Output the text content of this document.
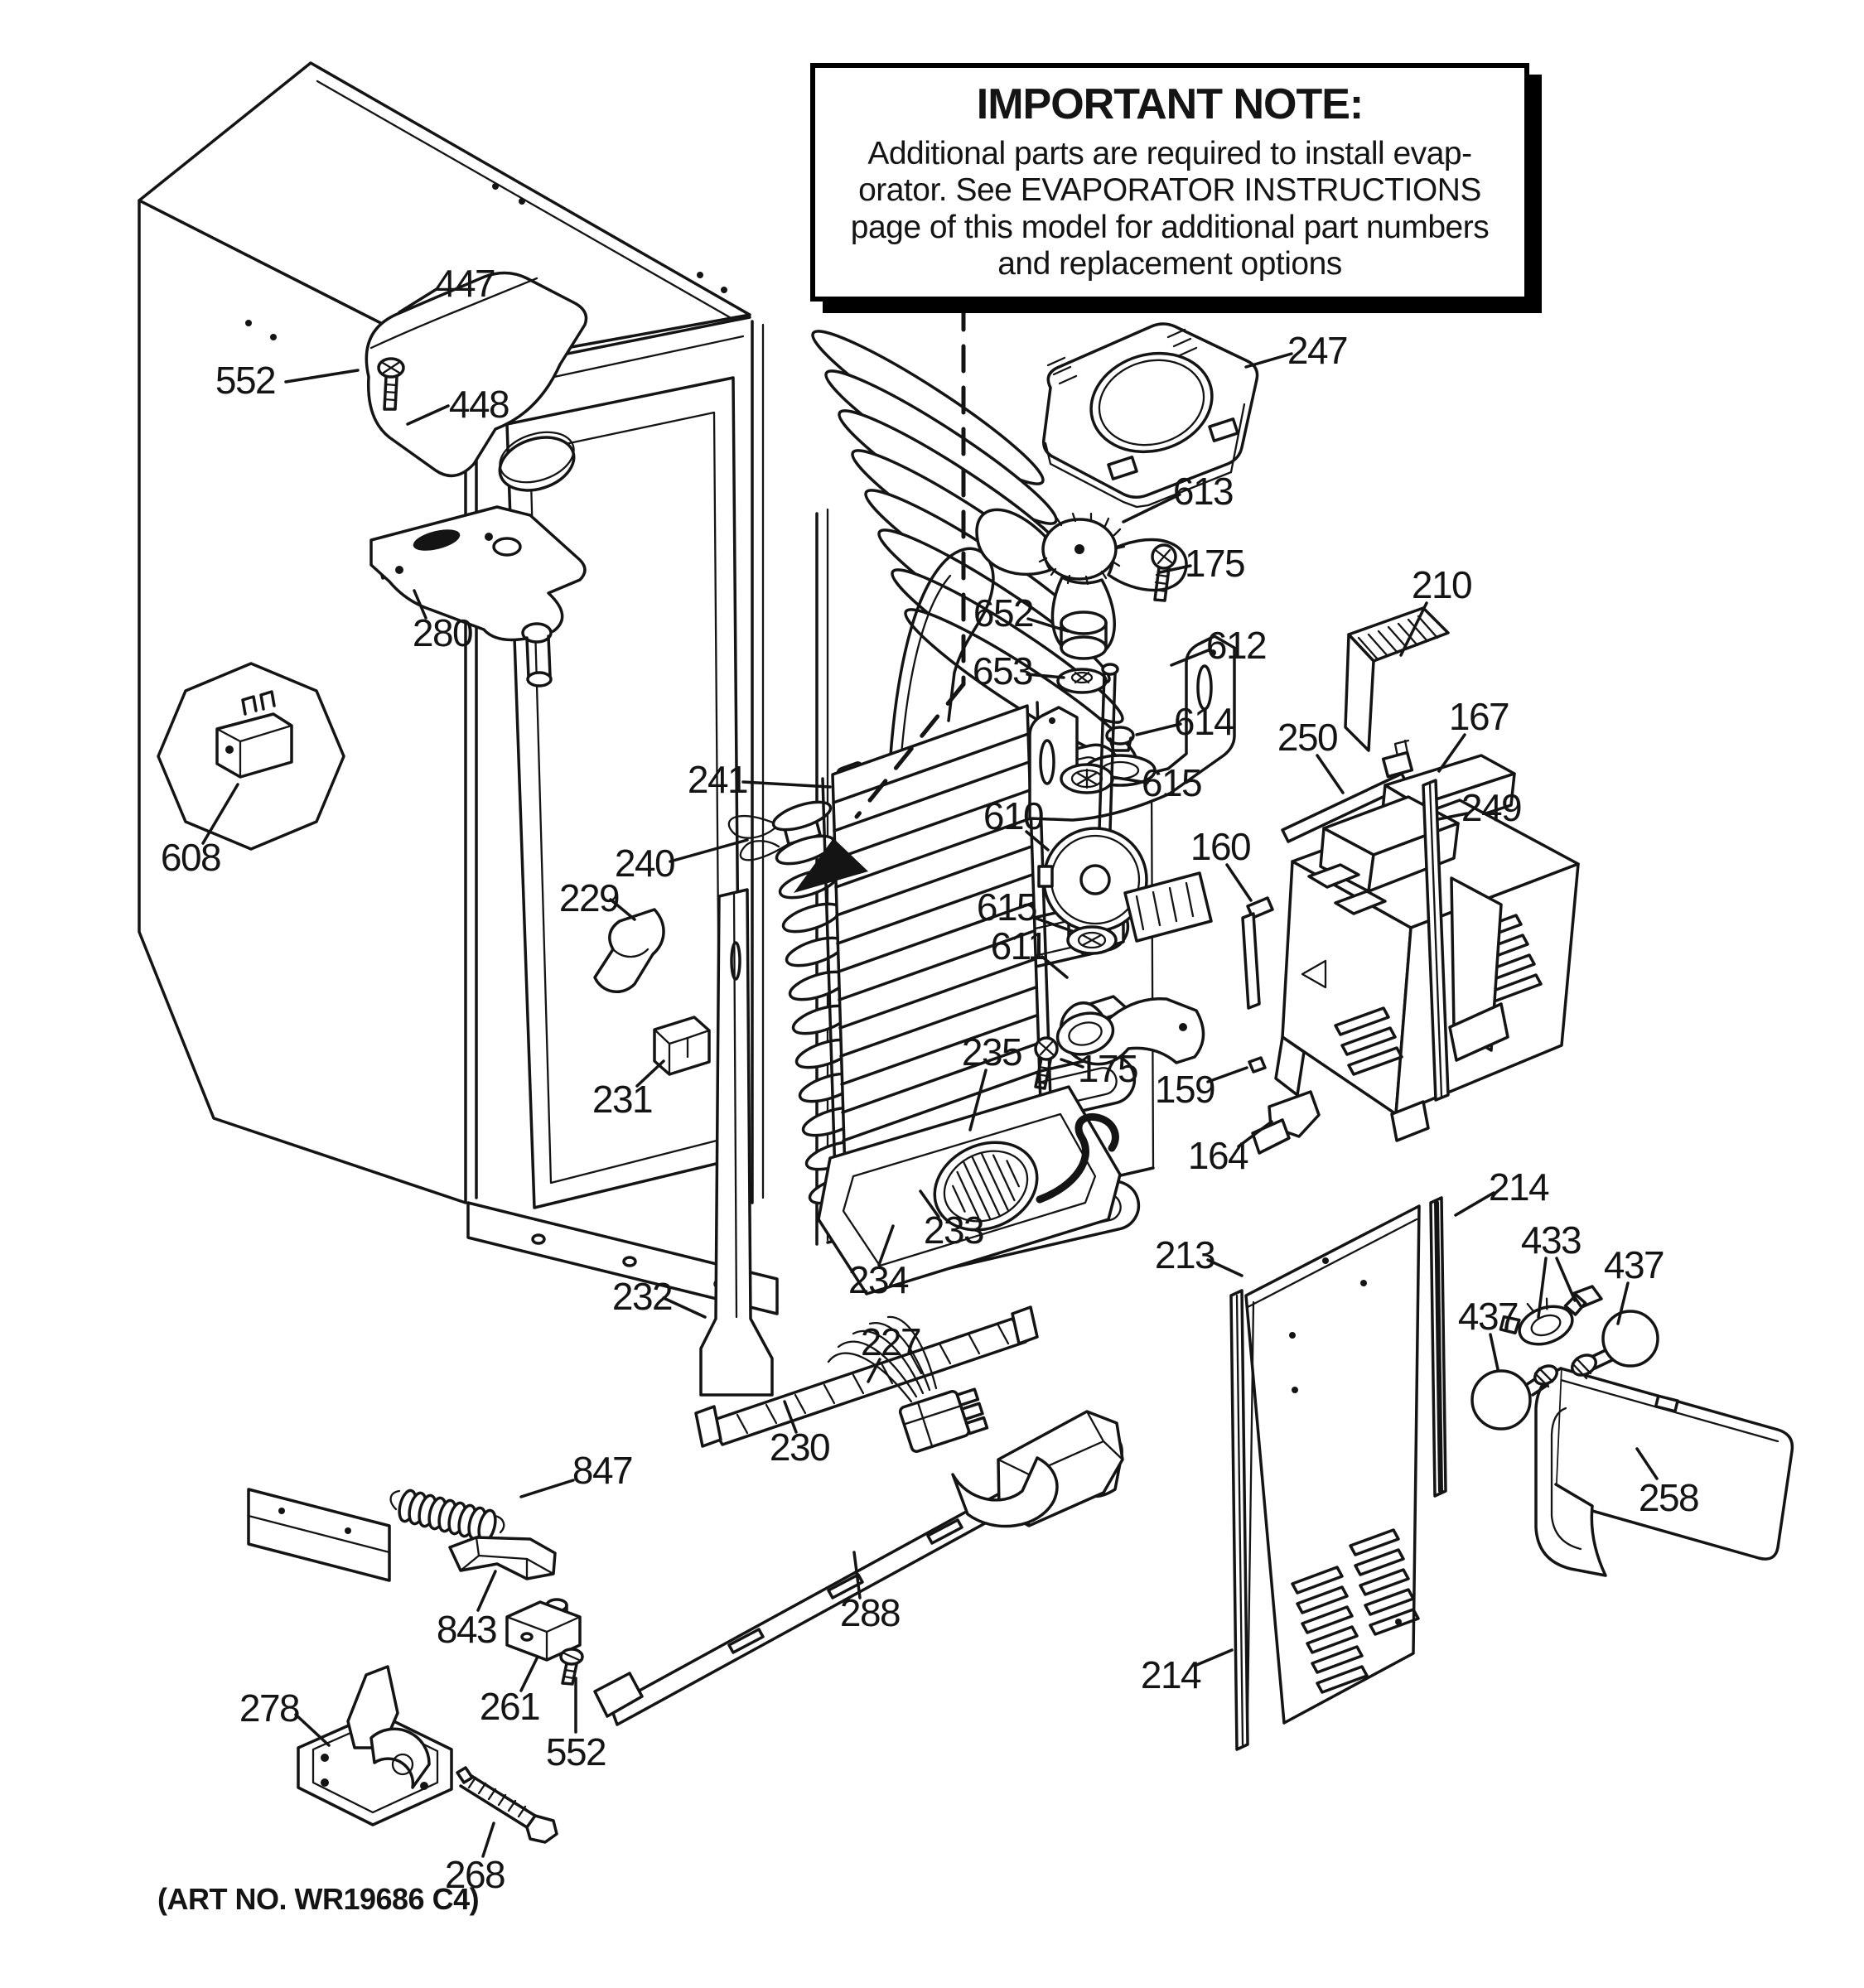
447
552
448
280
608
241
240
229
231
232
235
234
233
230
227
288
847
843
261
552
278
268
247
613
175
652
653
612
614
615
610
615
611
175
210
250	167
249
160
159
164
213
214
214
433
437
437
258
IMPORTANT NOTE:
Additional parts are required to install evap-
orator. See EVAPORATOR INSTRUCTIONS
page of this model for additional part numbers
and replacement options
(ART NO. WR19686 C4)
